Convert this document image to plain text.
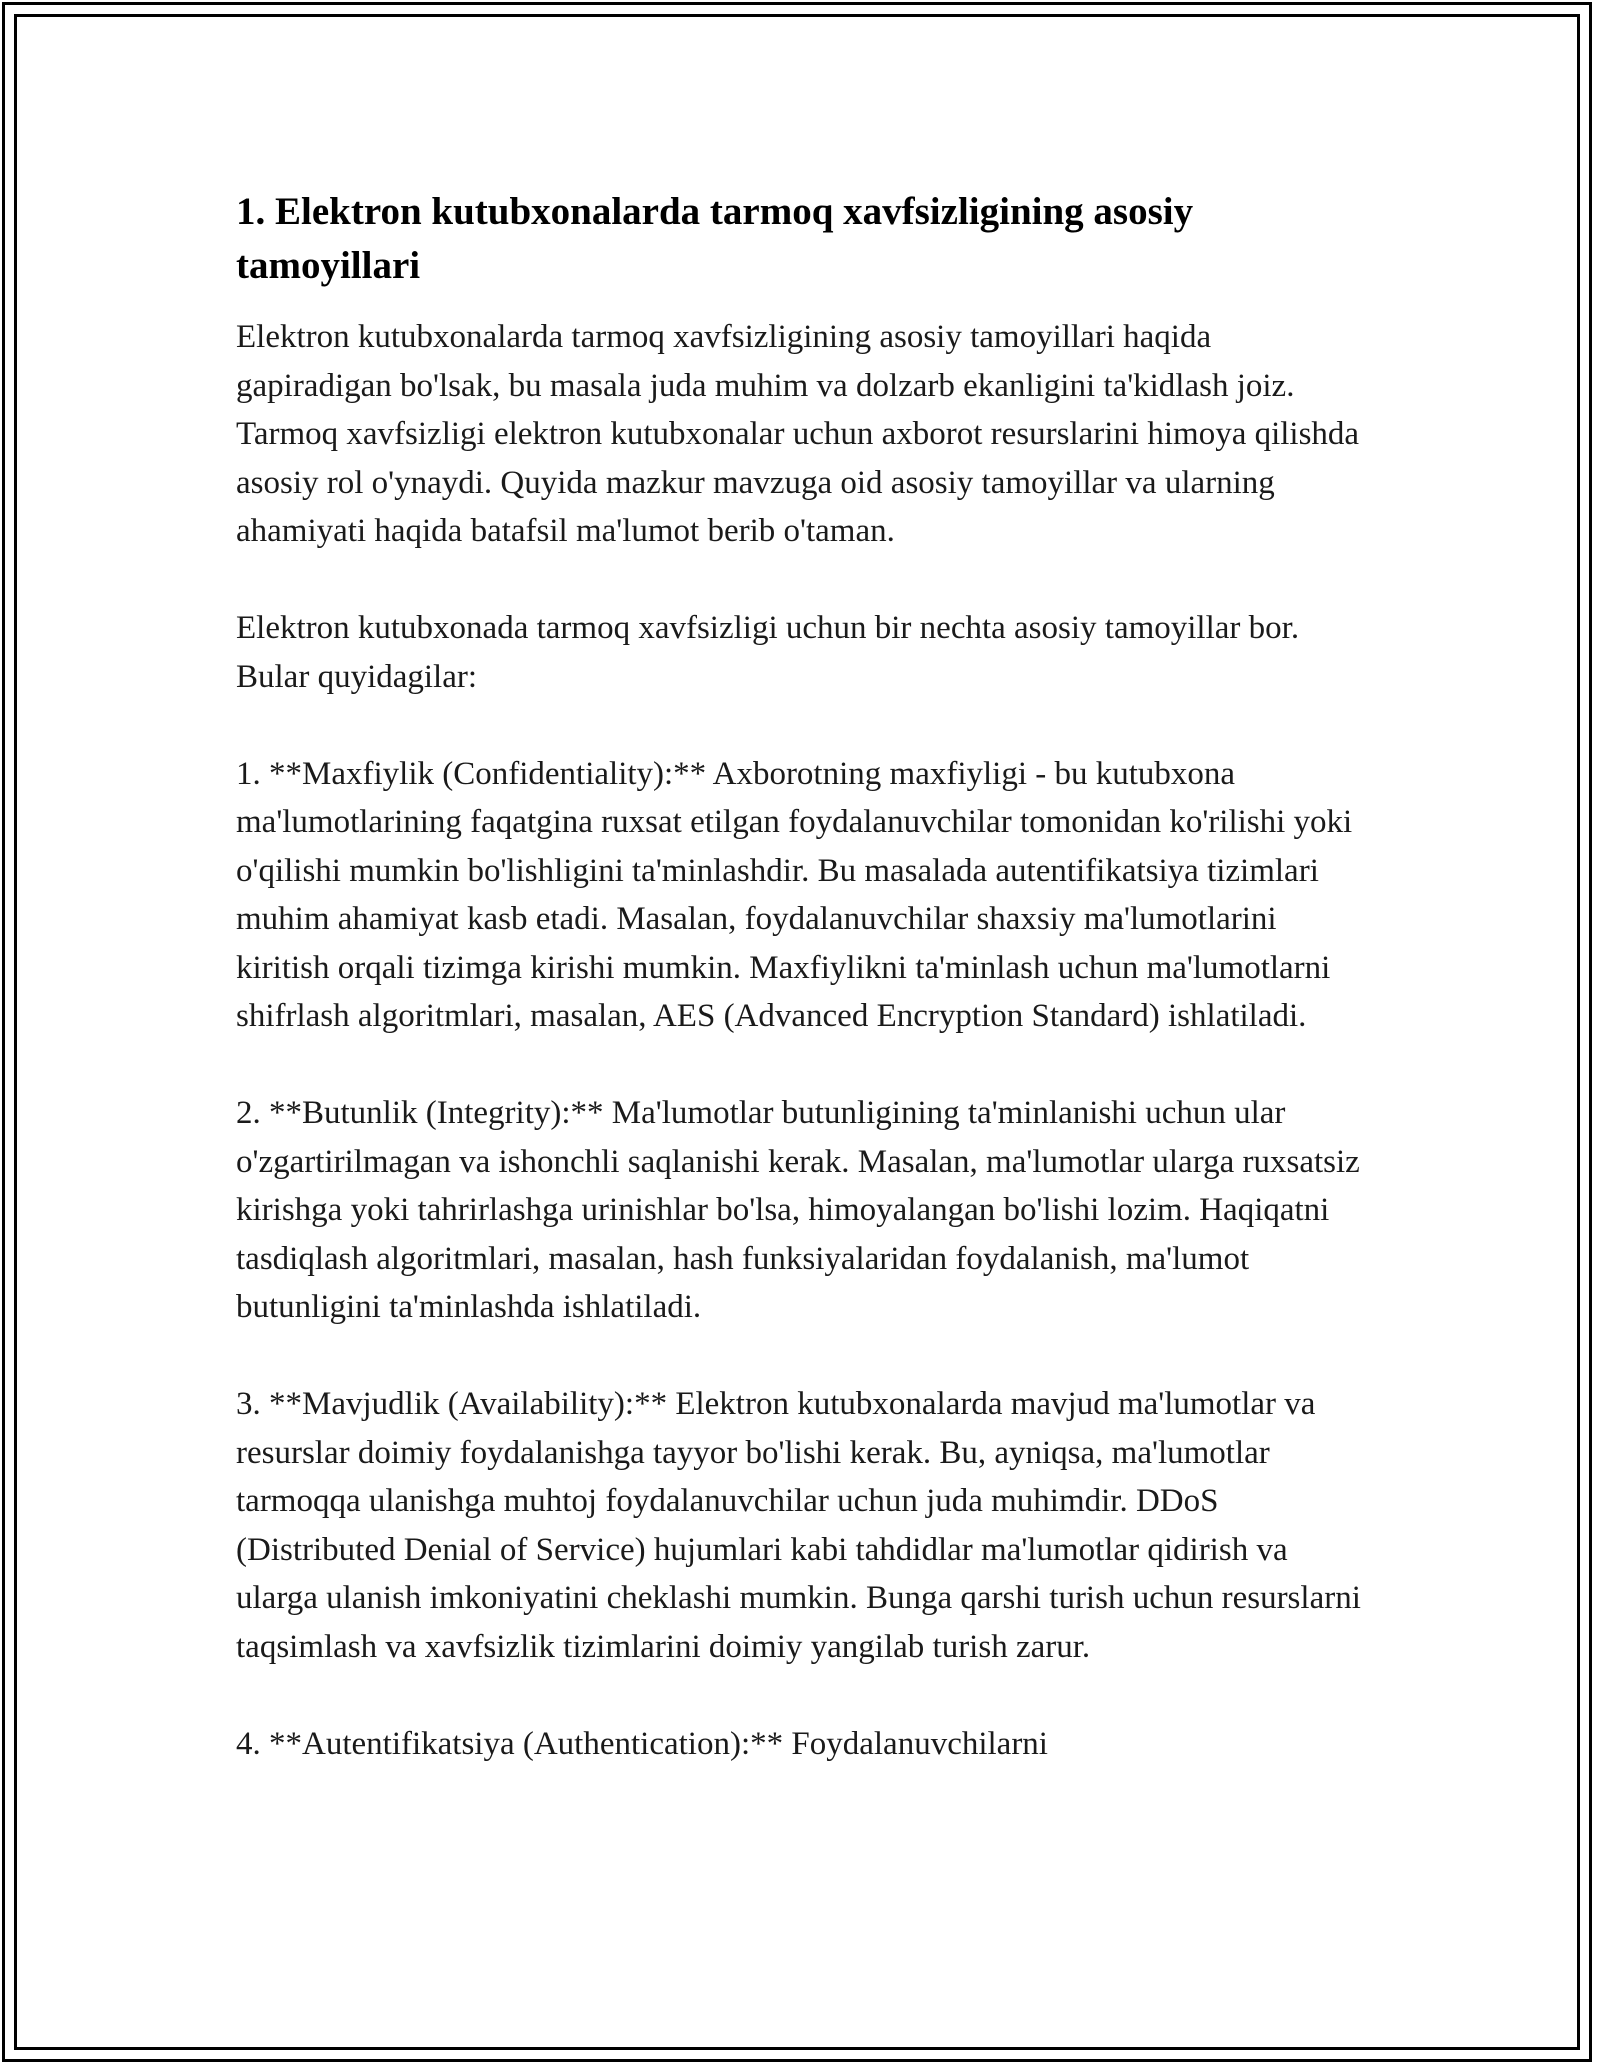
1. Elektron kutubxonalarda tarmoq xavfsizligining asosiy tamoyillari

Elektron kutubxonalarda tarmoq xavfsizligining asosiy tamoyillari haqida gapiradigan bo'lsak, bu masala juda muhim va dolzarb ekanligini ta'kidlash joiz. Tarmoq xavfsizligi elektron kutubxonalar uchun axborot resurslarini himoya qilishda asosiy rol o'ynaydi. Quyida mazkur mavzuga oid asosiy tamoyillar va ularning ahamiyati haqida batafsil ma'lumot berib o'taman.

Elektron kutubxonada tarmoq xavfsizligi uchun bir nechta asosiy tamoyillar bor. Bular quyidagilar:

1. **Maxfiylik (Confidentiality):** Axborotning maxfiyligi - bu kutubxona ma'lumotlarining faqatgina ruxsat etilgan foydalanuvchilar tomonidan ko'rilishi yoki o'qilishi mumkin bo'lishligini ta'minlashdir. Bu masalada autentifikatsiya tizimlari muhim ahamiyat kasb etadi. Masalan, foydalanuvchilar shaxsiy ma'lumotlarini kiritish orqali tizimga kirishi mumkin. Maxfiylikni ta'minlash uchun ma'lumotlarni shifrlash algoritmlari, masalan, AES (Advanced Encryption Standard) ishlatiladi.

2. **Butunlik (Integrity):** Ma'lumotlar butunligining ta'minlanishi uchun ular o'zgartirilmagan va ishonchli saqlanishi kerak. Masalan, ma'lumotlar ularga ruxsatsiz kirishga yoki tahrirlashga urinishlar bo'lsa, himoyalangan bo'lishi lozim. Haqiqatni tasdiqlash algoritmlari, masalan, hash funksiyalaridan foydalanish, ma'lumot butunligini ta'minlashda ishlatiladi.

3. **Mavjudlik (Availability):** Elektron kutubxonalarda mavjud ma'lumotlar va resurslar doimiy foydalanishga tayyor bo'lishi kerak. Bu, ayniqsa, ma'lumotlar tarmoqqa ulanishga muhtoj foydalanuvchilar uchun juda muhimdir. DDoS (Distributed Denial of Service) hujumlari kabi tahdidlar ma'lumotlar qidirish va ularga ulanish imkoniyatini cheklashi mumkin. Bunga qarshi turish uchun resurslarni taqsimlash va xavfsizlik tizimlarini doimiy yangilab turish zarur.

4. **Autentifikatsiya (Authentication):** Foydalanuvchilarni
